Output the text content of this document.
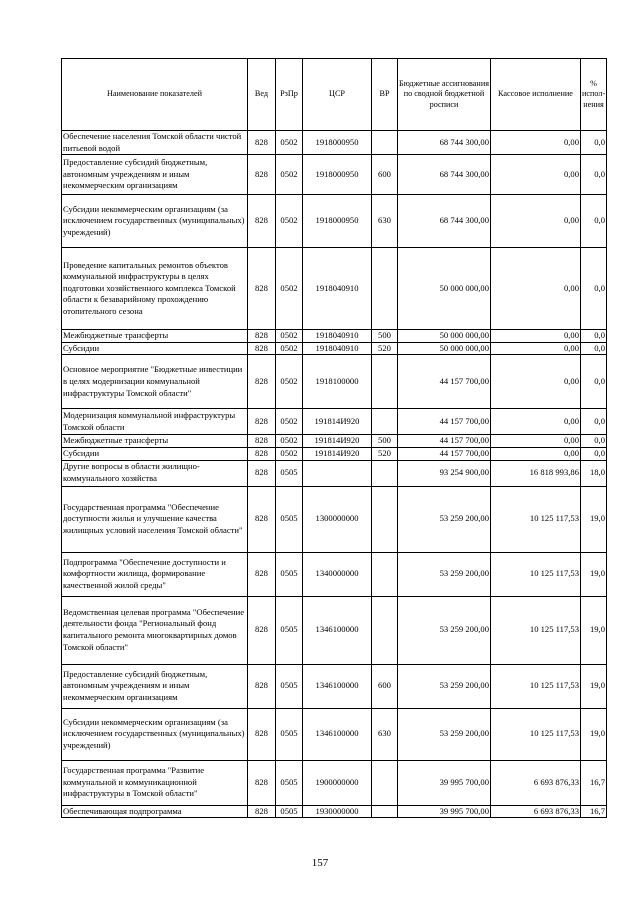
Наименование показателей	Вед	РзПр	ЦСР	ВР	Бюджетные ассигнования по сводной бюджетной росписи	Кассовое исполнение	% испол-нения
Обеспечение населения Томской области чистой питьевой водой	828	0502	1918000950		68 744 300,00	0,00	0,0
Предоставление субсидий бюджетным, автономным учреждениям и иным некоммерческим организациям	828	0502	1918000950	600	68 744 300,00	0,00	0,0
Субсидии некоммерческим организациям (за исключением государственных (муниципальных) учреждений)	828	0502	1918000950	630	68 744 300,00	0,00	0,0
Проведение капитальных ремонтов объектов коммунальной инфраструктуры в целях подготовки хозяйственного комплекса Томской области к безаварийному прохождению отопительного сезона	828	0502	1918040910		50 000 000,00	0,00	0,0
Межбюджетные трансферты	828	0502	1918040910	500	50 000 000,00	0,00	0,0
Субсидии	828	0502	1918040910	520	50 000 000,00	0,00	0,0
Основное мероприятие "Бюджетные инвестиции в целях модернизации коммунальной инфраструктуры Томской области"	828	0502	1918100000		44 157 700,00	0,00	0,0
Модернизация коммунальной инфраструктуры Томской области	828	0502	191814И920		44 157 700,00	0,00	0,0
Межбюджетные трансферты	828	0502	191814И920	500	44 157 700,00	0,00	0,0
Субсидии	828	0502	191814И920	520	44 157 700,00	0,00	0,0
Другие вопросы в области жилищно-коммунального хозяйства	828	0505			93 254 900,00	16 818 993,86	18,0
Государственная программа "Обеспечение доступности жилья и улучшение качества жилищных условий населения Томской области"	828	0505	1300000000		53 259 200,00	10 125 117,53	19,0
Подпрограмма "Обеспечение доступности и комфортности жилища, формирование качественной жилой среды"	828	0505	1340000000		53 259 200,00	10 125 117,53	19,0
Ведомственная целевая программа "Обеспечение деятельности фонда "Региональный фонд капитального ремонта многоквартирных домов Томской области"	828	0505	1346100000		53 259 200,00	10 125 117,53	19,0
Предоставление субсидий бюджетным, автономным учреждениям и иным некоммерческим организациям	828	0505	1346100000	600	53 259 200,00	10 125 117,53	19,0
Субсидии некоммерческим организациям (за исключением государственных (муниципальных) учреждений)	828	0505	1346100000	630	53 259 200,00	10 125 117,53	19,0
Государственная программа "Развитие коммунальной и коммуникационной инфраструктуры в Томской области"	828	0505	1900000000		39 995 700,00	6 693 876,33	16,7
Обеспечивающая подпрограмма	828	0505	1930000000		39 995 700,00	6 693 876,33	16,7
157
